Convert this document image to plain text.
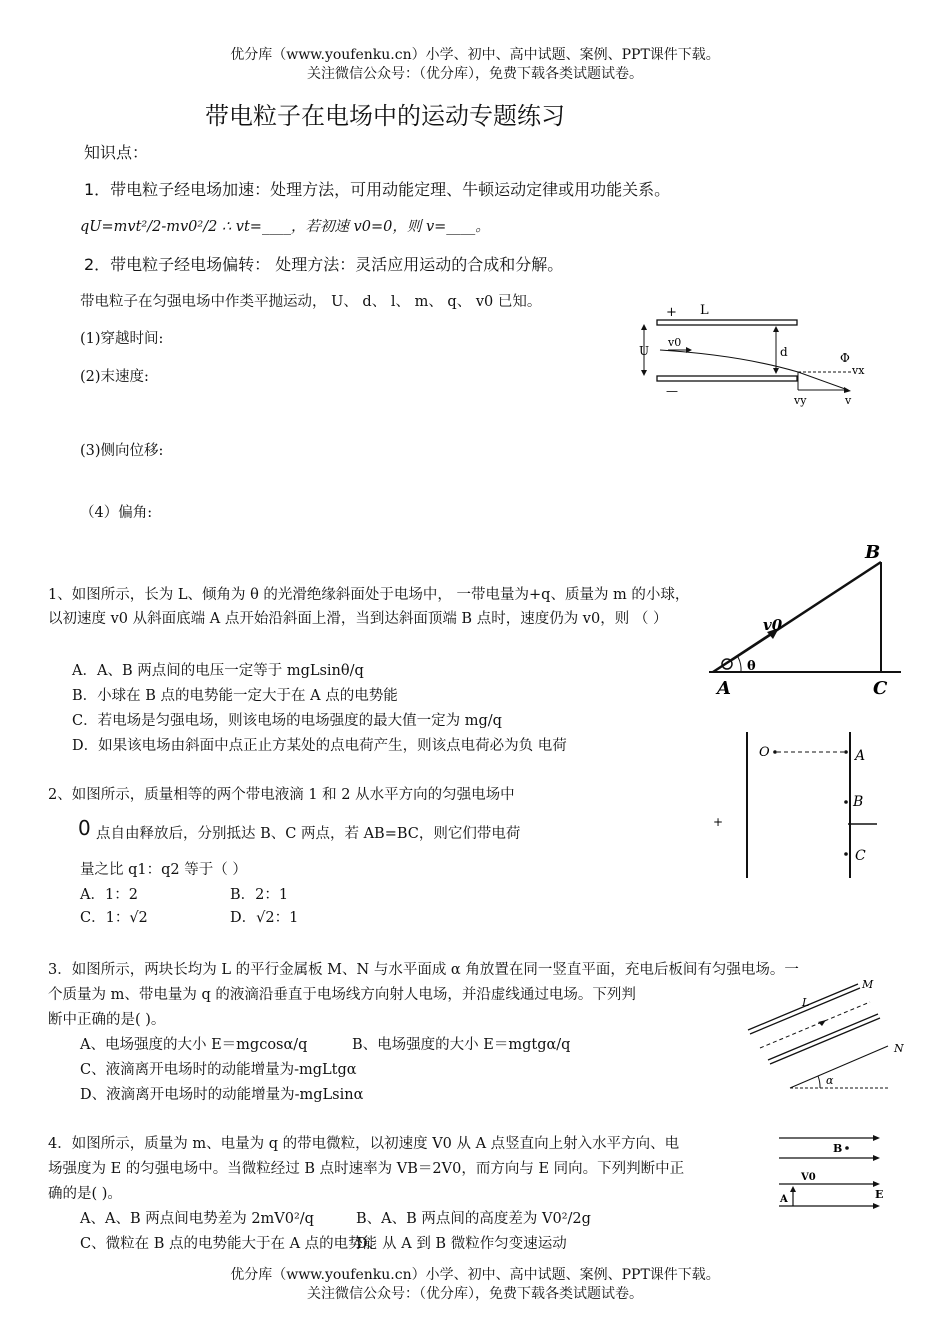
优分库（www.youfenku.cn）小学、初中、高中试题、案例、PPT课件下载。
关注微信公众号：（优分库），免费下载各类试题试卷。
带电粒子在电场中的运动专题练习
知识点：
1．带电粒子经电场加速：处理方法，可用动能定理、牛顿运动定律或用功能关系。
qU=mvt²/2-mv0²/2 ∴ vt=____，若初速 v0=0，则 v=____。
2．带电粒子经电场偏转： 处理方法：灵活应用运动的合成和分解。
带电粒子在匀强电场中作类平抛运动， U、 d、 l、 m、 q、 v0 已知。
(1)穿越时间:
(2)末速度:
(3)侧向位移:
（4）偏角:
+ L
U
v0
d	Φ
vx
—
vy	v
1、如图所示，长为 L、倾角为 θ 的光滑绝缘斜面处于电场中， 一带电量为+q、质量为 m 的小球，以初速度 v0 从斜面底端 A 点开始沿斜面上滑，当到达斜面顶端 B 点时，速度仍为 v0，则 （ ）
A．A、B 两点间的电压一定等于 mgLsinθ/q
B．小球在 B 点的电势能一定大于在 A 点的电势能
C．若电场是匀强电场，则该电场的电场强度的最大值一定为 mg/q
D．如果该电场由斜面中点正止方某处的点电荷产生，则该点电荷必为负 电荷
B
v0
θ
A	C
2、如图所示，质量相等的两个带电液滴 1 和 2 从水平方向的匀强电场中
0 点自由释放后，分别抵达 B、C 两点，若 AB=BC，则它们带电荷
量之比 q1：q2 等于（ ）
A．1：2	B．2：1
C．1：√2	D．√2：1
+
O	A
B
C
3．如图所示，两块长均为 L 的平行金属板 M、N 与水平面成 α 角放置在同一竖直平面，充电后板间有匀强电场。一
个质量为 m、带电量为 q 的液滴沿垂直于电场线方向射人电场，并沿虚线通过电场。下列判
断中正确的是( )。
A、电场强度的大小 E＝mgcosα/q	B、电场强度的大小 E＝mgtgα/q
C、液滴离开电场时的动能增量为-mgLtgα
D、液滴离开电场时的动能增量为-mgLsinα
M
N
L
α
4．如图所示，质量为 m、电量为 q 的带电微粒，以初速度 V0 从 A 点竖直向上射入水平方向、电
场强度为 E 的匀强电场中。当微粒经过 B 点时速率为 VB＝2V0，而方向与 E 同向。下列判断中正
确的是( )。
A、A、B 两点间电势差为 2mV0²/q	B、A、B 两点间的高度差为 V0²/2g
C、微粒在 B 点的电势能大于在 A 点的电势能
D、从 A 到 B 微粒作匀变速运动
B
V0
A	E
优分库（www.youfenku.cn）小学、初中、高中试题、案例、PPT课件下载。
关注微信公众号：（优分库），免费下载各类试题试卷。
